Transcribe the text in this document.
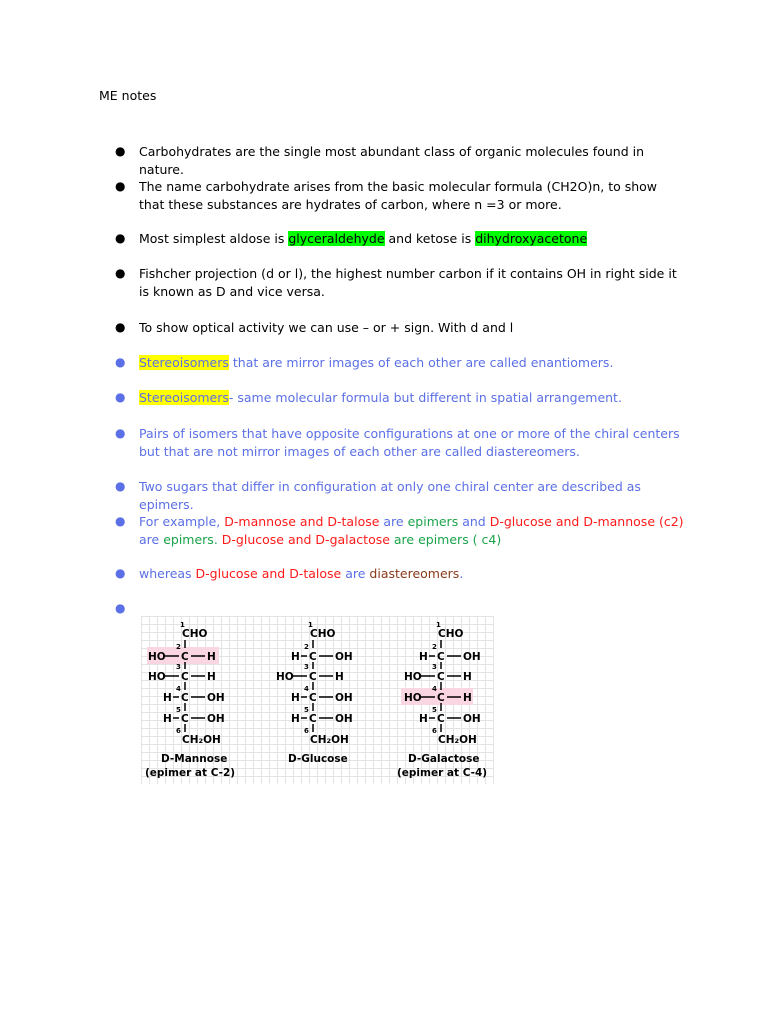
ME notes
● Carbohydrates are the single most abundant class of organic molecules found in nature.
● The name carbohydrate arises from the basic molecular formula (CH2O)n, to show that these substances are hydrates of carbon, where n =3 or more.
● Most simplest aldose is glyceraldehyde and ketose is dihydroxyacetone
● Fishcher projection (d or l), the highest number carbon if it contains OH in right side it is known as D and vice versa.
● To show optical activity we can use – or + sign. With d and l
● Stereoisomers that are mirror images of each other are called enantiomers.
● Stereoisomers- same molecular formula but different in spatial arrangement.
● Pairs of isomers that have opposite configurations at one or more of the chiral centers but that are not mirror images of each other are called diastereomers.
● Two sugars that differ in configuration at only one chiral center are described as epimers.
● For example, D-mannose and D-talose are epimers and D-glucose and D-mannose (c2) are epimers. D-glucose and D-galactose are epimers ( c4)
● whereas D-glucose and D-talose are diastereomers.
●
1
CHO
2
C
HO	H
3
C
HO	H
4
C
H	OH
5
C
H	OH
6
CH₂OH
D-Mannose
(epimer at C-2)
1
CHO
2
C
H	OH
3
C
HO	H
4
C
H	OH
5
C
H	OH
6
CH₂OH
D-Glucose
1
CHO
2
C
H	OH
3
C
HO	H
4
C
HO	H
5
C
H	OH
6
CH₂OH
D-Galactose
(epimer at C-4)
